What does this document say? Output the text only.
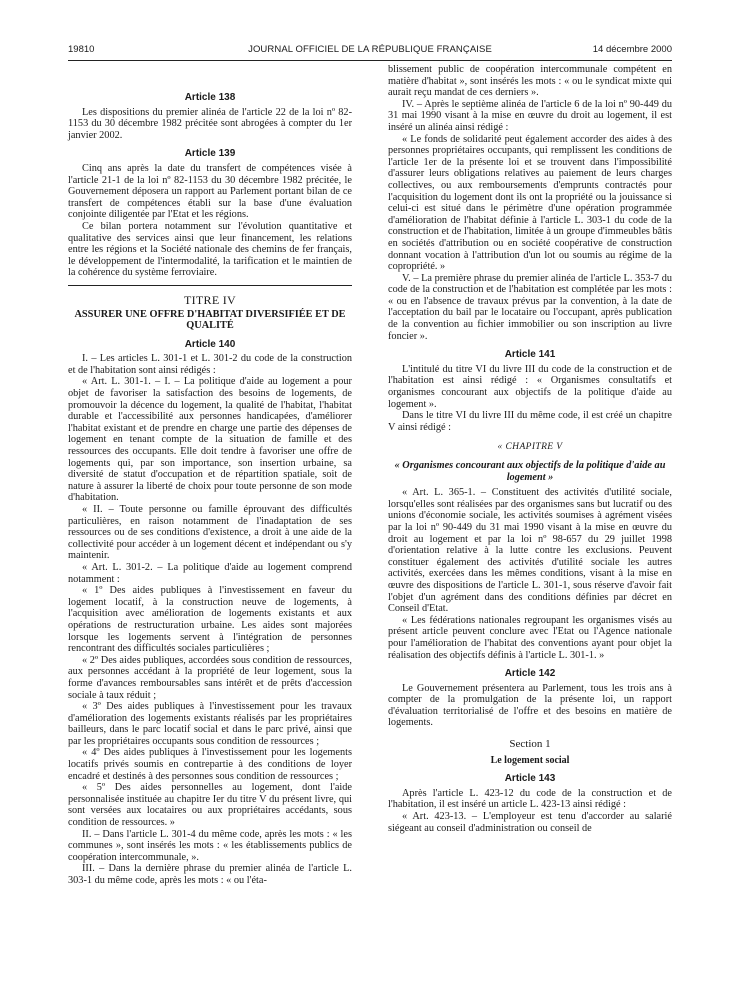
19810	JOURNAL OFFICIEL DE LA RÉPUBLIQUE FRANÇAISE	14 décembre 2000
Article 138

Les dispositions du premier alinéa de l'article 22 de la loi nº 82-1153 du 30 décembre 1982 précitée sont abrogées à compter du 1er janvier 2002.

Article 139

Cinq ans après la date du transfert de compétences visée à l'article 21-1 de la loi nº 82-1153 du 30 décembre 1982 précitée, le Gouvernement déposera un rapport au Parlement portant bilan de ce transfert de compétences établi sur la base d'une évaluation conjointe diligentée par l'Etat et les régions.

Ce bilan portera notamment sur l'évolution quantitative et qualitative des services ainsi que leur financement, les relations entre les régions et la Société nationale des chemins de fer français, le développement de l'intermodalité, la tarification et le maintien de la cohérence du système ferroviaire.

TITRE IV
ASSURER UNE OFFRE D'HABITAT DIVERSIFIÉE ET DE QUALITÉ
Article 140

I. – Les articles L. 301-1 et L. 301-2 du code de la construction et de l'habitation sont ainsi rédigés :

« Art. L. 301-1. – I. – La politique d'aide au logement a pour objet de favoriser la satisfaction des besoins de logements, de promouvoir la décence du logement, la qualité de l'habitat, l'habitat durable et l'accessibilité aux personnes handicapées, d'améliorer l'habitat existant et de prendre en charge une partie des dépenses de logement en tenant compte de la situation de famille et des ressources des occupants. Elle doit tendre à favoriser une offre de logements qui, par son importance, son insertion urbaine, sa diversité de statut d'occupation et de répartition spatiale, soit de nature à assurer la liberté de choix pour toute personne de son mode d'habitation.

« II. – Toute personne ou famille éprouvant des difficultés particulières, en raison notamment de l'inadaptation de ses ressources ou de ses conditions d'existence, a droit à une aide de la collectivité pour accéder à un logement décent et indépendant ou s'y maintenir.

« Art. L. 301-2. – La politique d'aide au logement comprend notamment :

« 1º Des aides publiques à l'investissement en faveur du logement locatif, à la construction neuve de logements, à l'acquisition avec amélioration de logements existants et aux opérations de restructuration urbaine. Les aides sont majorées lorsque les logements servent à l'intégration de personnes rencontrant des difficultés sociales particulières ;

« 2º Des aides publiques, accordées sous condition de ressources, aux personnes accédant à la propriété de leur logement, sous la forme d'avances remboursables sans intérêt et de prêts d'accession sociale à taux réduit ;

« 3º Des aides publiques à l'investissement pour les travaux d'amélioration des logements existants réalisés par les propriétaires bailleurs, dans le parc locatif social et dans le parc privé, ainsi que par les propriétaires occupants sous condition de ressources ;

« 4º Des aides publiques à l'investissement pour les logements locatifs privés soumis en contrepartie à des conditions de loyer encadré et destinés à des personnes sous condition de ressources ;

« 5º Des aides personnelles au logement, dont l'aide personnalisée instituée au chapitre Ier du titre V du présent livre, qui sont versées aux locataires ou aux propriétaires accédants, sous condition de ressources. »

II. – Dans l'article L. 301-4 du même code, après les mots : « les communes », sont insérés les mots : « les établissements publics de coopération intercommunale, ».

III. – Dans la dernière phrase du premier alinéa de l'article L. 303-1 du même code, après les mots : « ou l'éta-

blissement public de coopération intercommunale compétent en matière d'habitat », sont insérés les mots : « ou le syndicat mixte qui aurait reçu mandat de ces derniers ».

IV. – Après le septième alinéa de l'article 6 de la loi nº 90-449 du 31 mai 1990 visant à la mise en œuvre du droit au logement, il est inséré un alinéa ainsi rédigé :

« Le fonds de solidarité peut également accorder des aides à des personnes propriétaires occupants, qui remplissent les conditions de l'article 1er de la présente loi et se trouvent dans l'impossibilité d'assurer leurs obligations relatives au paiement de leurs charges collectives, ou aux remboursements d'emprunts contractés pour l'acquisition du logement dont ils ont la propriété ou la jouissance si celui-ci est situé dans le périmètre d'une opération programmée d'amélioration de l'habitat définie à l'article L. 303-1 du code de la construction et de l'habitation, limitée à un groupe d'immeubles bâtis en sociétés d'attribution ou en société coopérative de construction donnant vocation à l'attribution d'un lot ou soumis au régime de la copropriété. »

V. – La première phrase du premier alinéa de l'article L. 353-7 du code de la construction et de l'habitation est complétée par les mots : « ou en l'absence de travaux prévus par la convention, à la date de l'acceptation du bail par le locataire ou l'occupant, après publication de la convention au fichier immobilier ou son inscription au livre foncier ».

Article 141

L'intitulé du titre VI du livre III du code de la construction et de l'habitation est ainsi rédigé : « Organismes consultatifs et organismes concourant aux objectifs de la politique d'aide au logement ».

Dans le titre VI du livre III du même code, il est créé un chapitre V ainsi rédigé :

« CHAPITRE V
« Organismes concourant aux objectifs de la politique d'aide au logement »

« Art. L. 365-1. – Constituent des activités d'utilité sociale, lorsqu'elles sont réalisées par des organismes sans but lucratif ou des unions d'économie sociale, les activités soumises à agrément visées par la loi nº 90-449 du 31 mai 1990 visant à la mise en œuvre du droit au logement et par la loi nº 98-657 du 29 juillet 1998 d'orientation relative à la lutte contre les exclusions. Peuvent constituer également des activités d'utilité sociale les autres activités, exercées dans les mêmes conditions, visant à la mise en œuvre des dispositions de l'article L. 301-1, sous réserve d'avoir fait l'objet d'un agrément dans des conditions définies par décret en Conseil d'Etat.

« Les fédérations nationales regroupant les organismes visés au présent article peuvent conclure avec l'Etat ou l'Agence nationale pour l'amélioration de l'habitat des conventions ayant pour objet la réalisation des objectifs définis à l'article L. 301-1. »

Article 142

Le Gouvernement présentera au Parlement, tous les trois ans à compter de la promulgation de la présente loi, un rapport d'évaluation territorialisé de l'offre et des besoins en matière de logements.

Section 1
Le logement social
Article 143

Après l'article L. 423-12 du code de la construction et de l'habitation, il est inséré un article L. 423-13 ainsi rédigé :

« Art. 423-13. – L'employeur est tenu d'accorder au salarié siégeant au conseil d'administration ou conseil de
